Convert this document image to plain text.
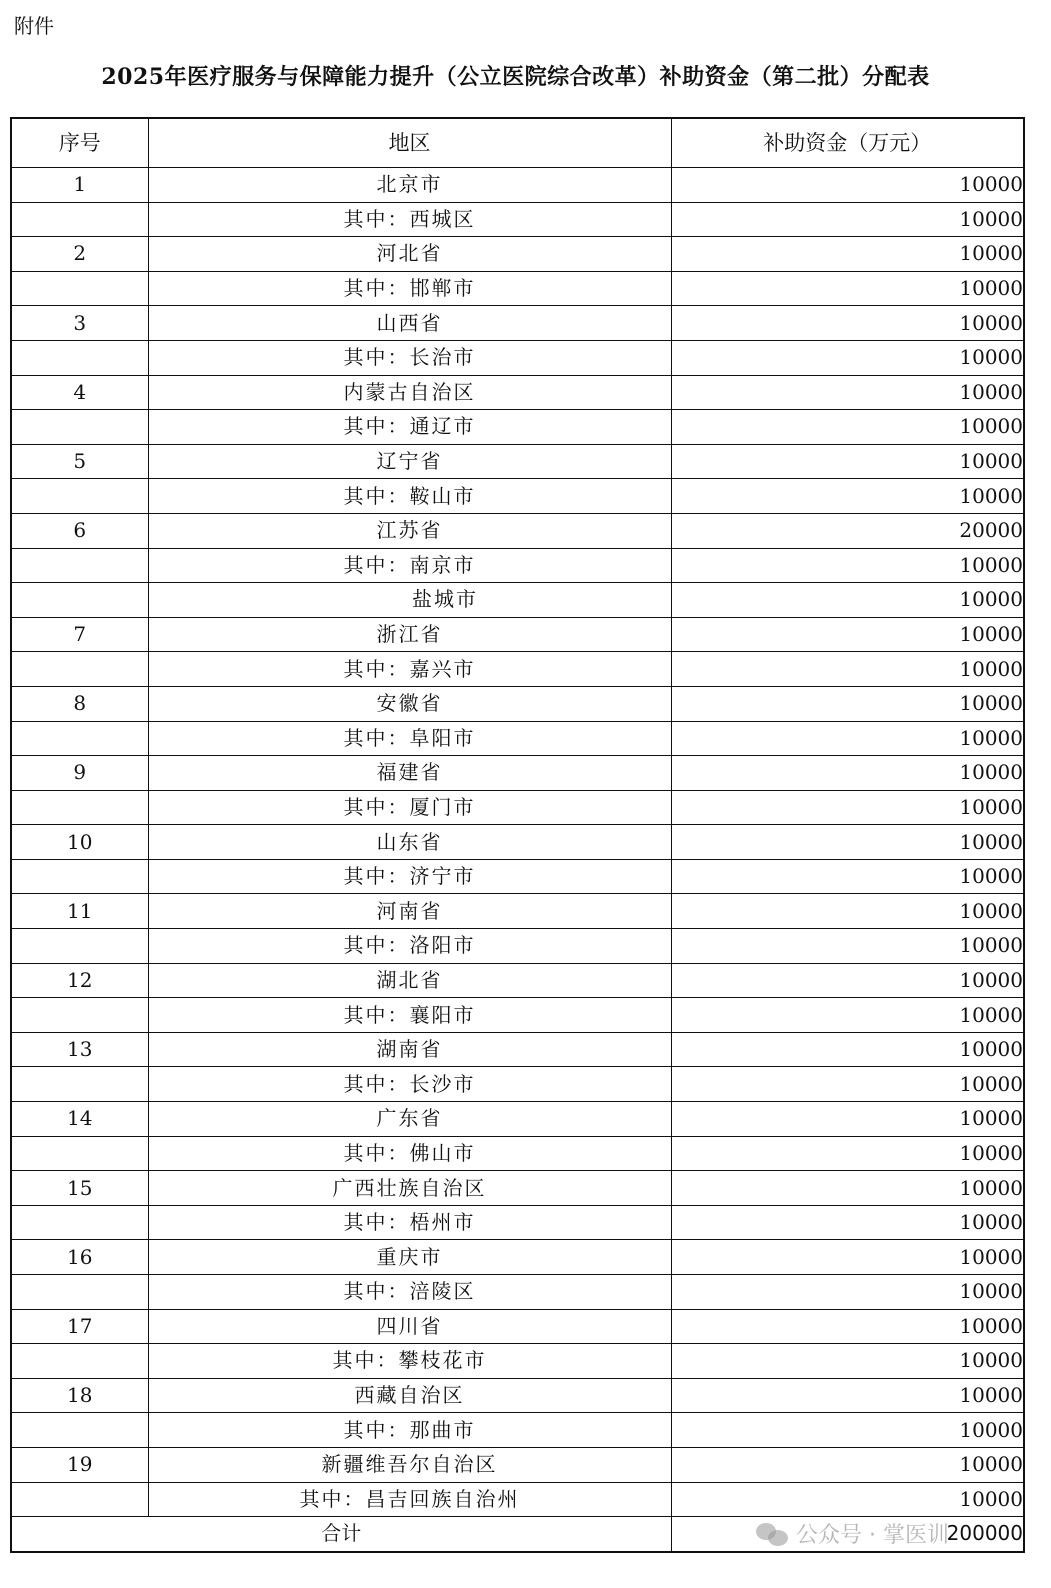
附件
2025年医疗服务与保障能力提升（公立医院综合改革）补助资金（第二批）分配表
序号	地区	补助资金（万元）
1	北京市	10000
	其中：西城区	10000
2	河北省	10000
	其中：邯郸市	10000
3	山西省	10000
	其中：长治市	10000
4	内蒙古自治区	10000
	其中：通辽市	10000
5	辽宁省	10000
	其中：鞍山市	10000
6	江苏省	20000
	其中：南京市	10000
	盐城市	10000
7	浙江省	10000
	其中：嘉兴市	10000
8	安徽省	10000
	其中：阜阳市	10000
9	福建省	10000
	其中：厦门市	10000
10	山东省	10000
	其中：济宁市	10000
11	河南省	10000
	其中：洛阳市	10000
12	湖北省	10000
	其中：襄阳市	10000
13	湖南省	10000
	其中：长沙市	10000
14	广东省	10000
	其中：佛山市	10000
15	广西壮族自治区	10000
	其中：梧州市	10000
16	重庆市	10000
	其中：涪陵区	10000
17	四川省	10000
	其中：攀枝花市	10000
18	西藏自治区	10000
	其中：那曲市	10000
19	新疆维吾尔自治区	10000
	其中：昌吉回族自治州	10000
合计		200000
公众号 · 掌医训
